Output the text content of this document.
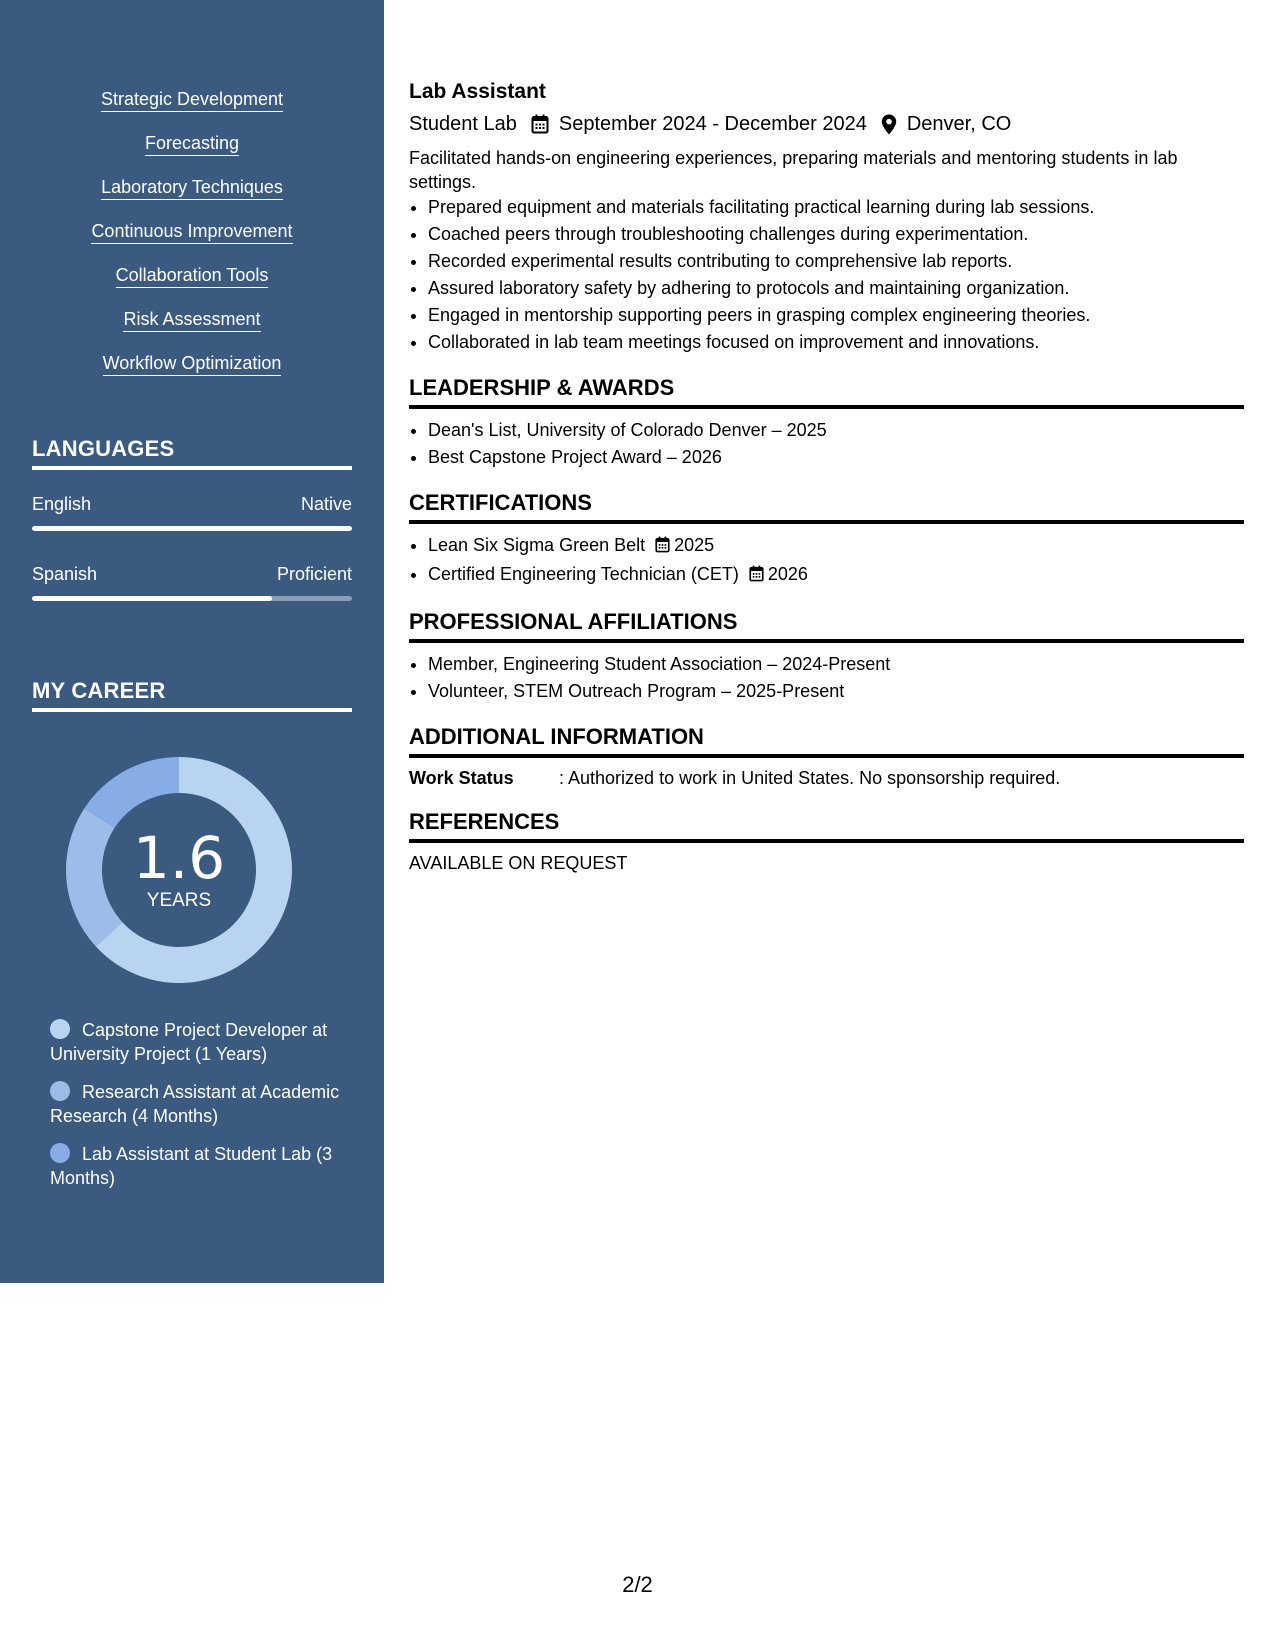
Strategic Development
Forecasting
Laboratory Techniques
Continuous Improvement
Collaboration Tools
Risk Assessment
Workflow Optimization
LANGUAGES
English	Native
Spanish	Proficient
MY CAREER
1.6
YEARS
Capstone Project Developer at University Project (1 Years)
Research Assistant at Academic Research (4 Months)
Lab Assistant at Student Lab (3 Months)
Lab Assistant
Student Lab September 2024 - December 2024 Denver, CO
Facilitated hands-on engineering experiences, preparing materials and mentoring students in lab settings.
• Prepared equipment and materials facilitating practical learning during lab sessions.
• Coached peers through troubleshooting challenges during experimentation.
• Recorded experimental results contributing to comprehensive lab reports.
• Assured laboratory safety by adhering to protocols and maintaining organization.
• Engaged in mentorship supporting peers in grasping complex engineering theories.
• Collaborated in lab team meetings focused on improvement and innovations.
LEADERSHIP & AWARDS
• Dean's List, University of Colorado Denver – 2025
• Best Capstone Project Award – 2026
CERTIFICATIONS
• Lean Six Sigma Green Belt 2025
• Certified Engineering Technician (CET) 2026
PROFESSIONAL AFFILIATIONS
• Member, Engineering Student Association – 2024-Present
• Volunteer, STEM Outreach Program – 2025-Present
ADDITIONAL INFORMATION
Work Status	: Authorized to work in United States. No sponsorship required.
REFERENCES
AVAILABLE ON REQUEST
2/2
